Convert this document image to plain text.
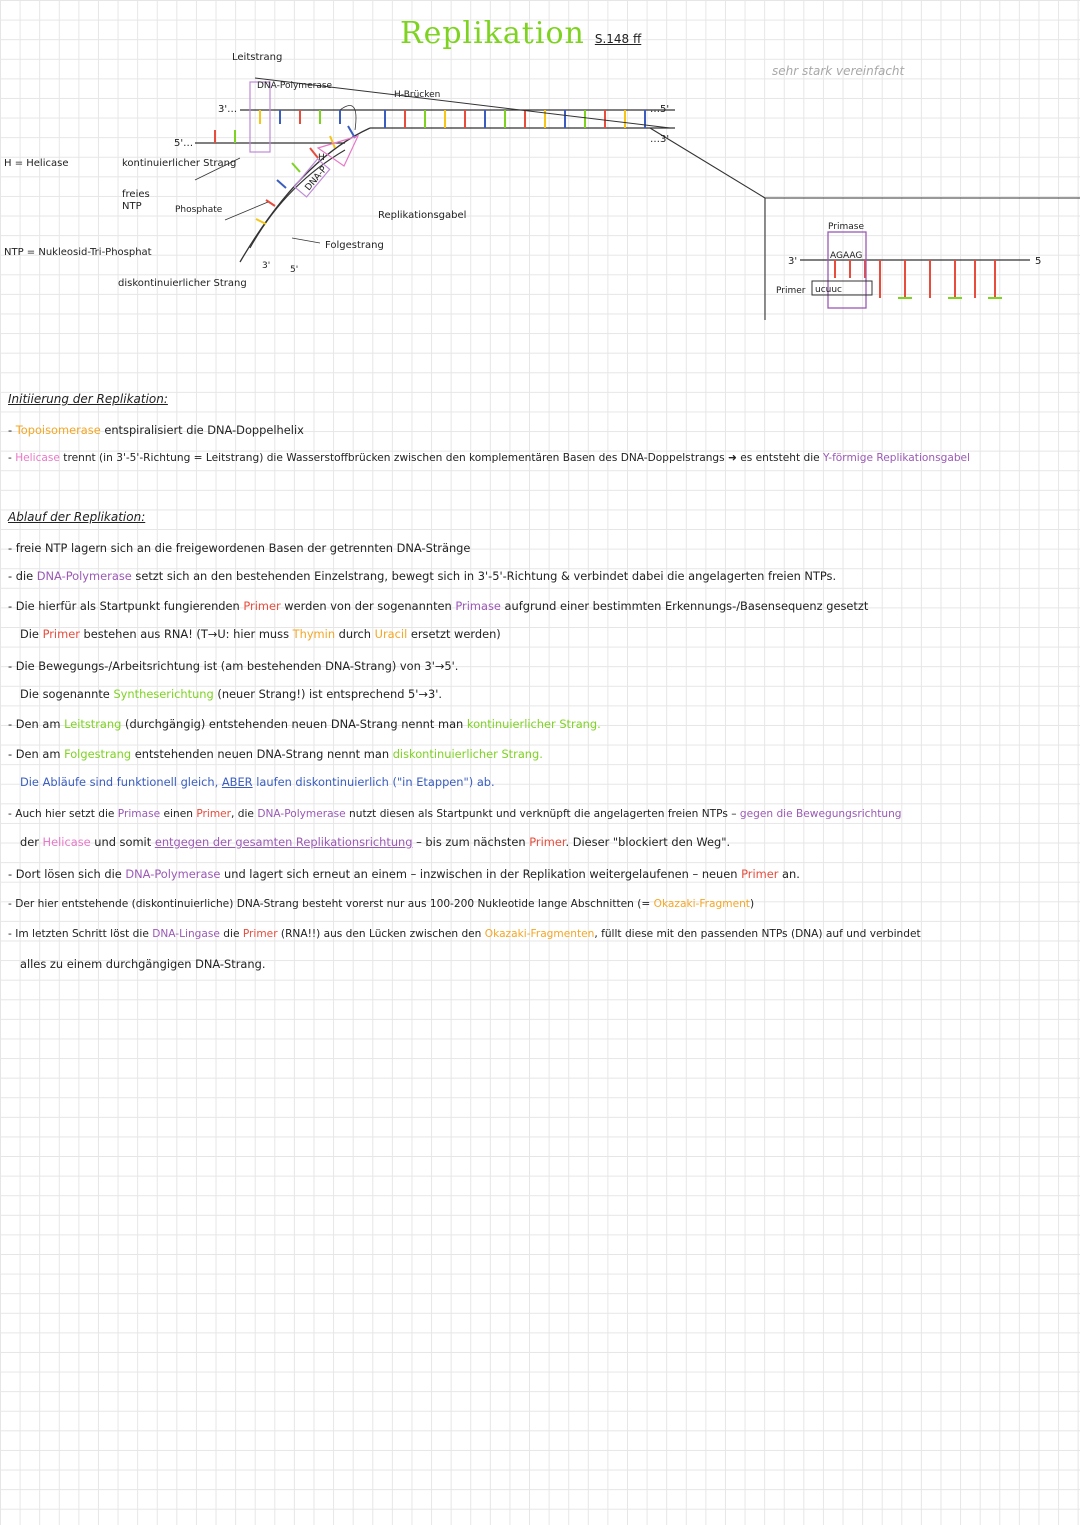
H
DNA-P
Leitstrang
DNA-Polymerase
H-Brücken
H = Helicase	kontinuierlicher Strang
freies
NTP	Phosphate
NTP = Nukleosid-Tri-Phosphat
diskontinuierlicher Strang
Replikationsgabel
Folgestrang
3'…
5'…
…5'
…3'
3' 5'
Primase
AGAAG
Primer ucuuc
3'	5
Replikation S.148 ff
sehr stark vereinfacht
Initiierung der Replikation:
- Topoisomerase entspiralisiert die DNA-Doppelhelix
- Helicase trennt (in 3'-5'-Richtung = Leitstrang) die Wasserstoffbrücken zwischen den komplementären Basen des DNA-Doppelstrangs ➜ es entsteht die Y-förmige Replikationsgabel
Ablauf der Replikation:
- freie NTP lagern sich an die freigewordenen Basen der getrennten DNA-Stränge
- die DNA-Polymerase setzt sich an den bestehenden Einzelstrang, bewegt sich in 3'-5'-Richtung & verbindet dabei die angelagerten freien NTPs.
- Die hierfür als Startpunkt fungierenden Primer werden von der sogenannten Primase aufgrund einer bestimmten Erkennungs-/Basensequenz gesetzt
Die Primer bestehen aus RNA! (T→U: hier muss Thymin durch Uracil ersetzt werden)
- Die Bewegungs-/Arbeitsrichtung ist (am bestehenden DNA-Strang) von 3'→5'.
Die sogenannte Syntheserichtung (neuer Strang!) ist entsprechend 5'→3'.
- Den am Leitstrang (durchgängig) entstehenden neuen DNA-Strang nennt man kontinuierlicher Strang.
- Den am Folgestrang entstehenden neuen DNA-Strang nennt man diskontinuierlicher Strang.
Die Abläufe sind funktionell gleich, ABER laufen diskontinuierlich ("in Etappen") ab.
- Auch hier setzt die Primase einen Primer, die DNA-Polymerase nutzt diesen als Startpunkt und verknüpft die angelagerten freien NTPs – gegen die Bewegungsrichtung
der Helicase und somit entgegen der gesamten Replikationsrichtung – bis zum nächsten Primer. Dieser "blockiert den Weg".
- Dort lösen sich die DNA-Polymerase und lagert sich erneut an einem – inzwischen in der Replikation weitergelaufenen – neuen Primer an.
- Der hier entstehende (diskontinuierliche) DNA-Strang besteht vorerst nur aus 100-200 Nukleotide lange Abschnitten (= Okazaki-Fragment)
- Im letzten Schritt löst die DNA-Lingase die Primer (RNA!!) aus den Lücken zwischen den Okazaki-Fragmenten, füllt diese mit den passenden NTPs (DNA) auf und verbindet
alles zu einem durchgängigen DNA-Strang.
